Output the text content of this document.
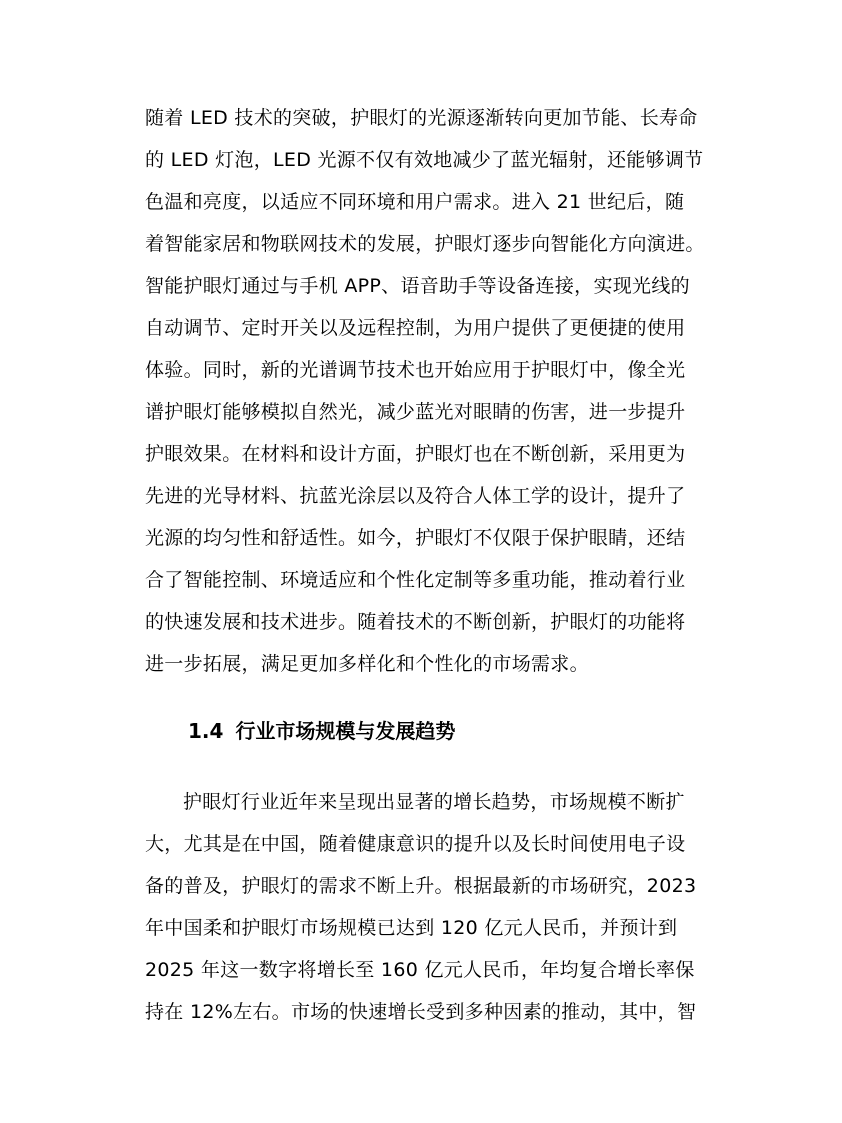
随着 LED 技术的突破，护眼灯的光源逐渐转向更加节能、长寿命
的 LED 灯泡，LED 光源不仅有效地减少了蓝光辐射，还能够调节
色温和亮度，以适应不同环境和用户需求。进入 21 世纪后，随
着智能家居和物联网技术的发展，护眼灯逐步向智能化方向演进。
智能护眼灯通过与手机 APP、语音助手等设备连接，实现光线的
自动调节、定时开关以及远程控制，为用户提供了更便捷的使用
体验。同时，新的光谱调节技术也开始应用于护眼灯中，像全光
谱护眼灯能够模拟自然光，减少蓝光对眼睛的伤害，进一步提升
护眼效果。在材料和设计方面，护眼灯也在不断创新，采用更为
先进的光导材料、抗蓝光涂层以及符合人体工学的设计，提升了
光源的均匀性和舒适性。如今，护眼灯不仅限于保护眼睛，还结
合了智能控制、环境适应和个性化定制等多重功能，推动着行业
的快速发展和技术进步。随着技术的不断创新，护眼灯的功能将
进一步拓展，满足更加多样化和个性化的市场需求。
1.4 行业市场规模与发展趋势
护眼灯行业近年来呈现出显著的增长趋势，市场规模不断扩
大，尤其是在中国，随着健康意识的提升以及长时间使用电子设
备的普及，护眼灯的需求不断上升。根据最新的市场研究，2023
年中国柔和护眼灯市场规模已达到 120 亿元人民币，并预计到
2025 年这一数字将增长至 160 亿元人民币，年均复合增长率保
持在 12%左右。市场的快速增长受到多种因素的推动，其中，智
